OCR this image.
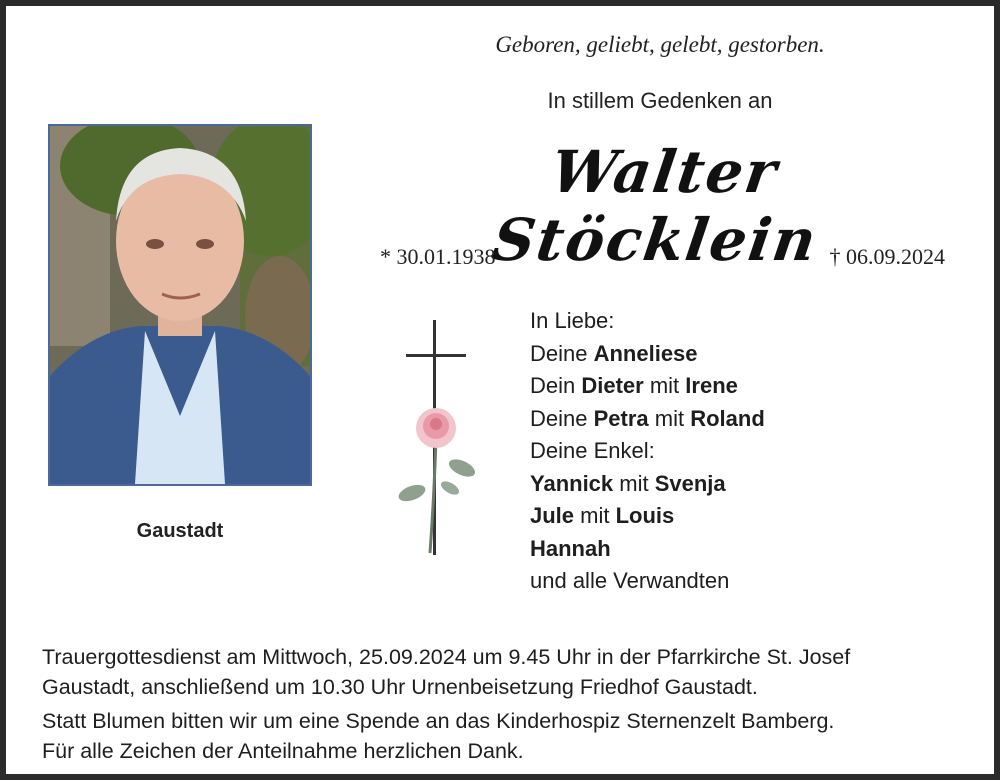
Geboren, geliebt, gelebt, gestorben.
In stillem Gedenken an
Walter Stöcklein
* 30.01.1938	† 06.09.2024
Gaustadt
In Liebe:
Deine Anneliese
Dein Dieter mit Irene
Deine Petra mit Roland
Deine Enkel:
Yannick mit Svenja
Jule mit Louis
Hannah
und alle Verwandten
Trauergottesdienst am Mittwoch, 25.09.2024 um 9.45 Uhr in der Pfarrkirche St. Josef
Gaustadt, anschließend um 10.30 Uhr Urnenbeisetzung Friedhof Gaustadt.
Statt Blumen bitten wir um eine Spende an das Kinderhospiz Sternenzelt Bamberg.
Für alle Zeichen der Anteilnahme herzlichen Dank.
